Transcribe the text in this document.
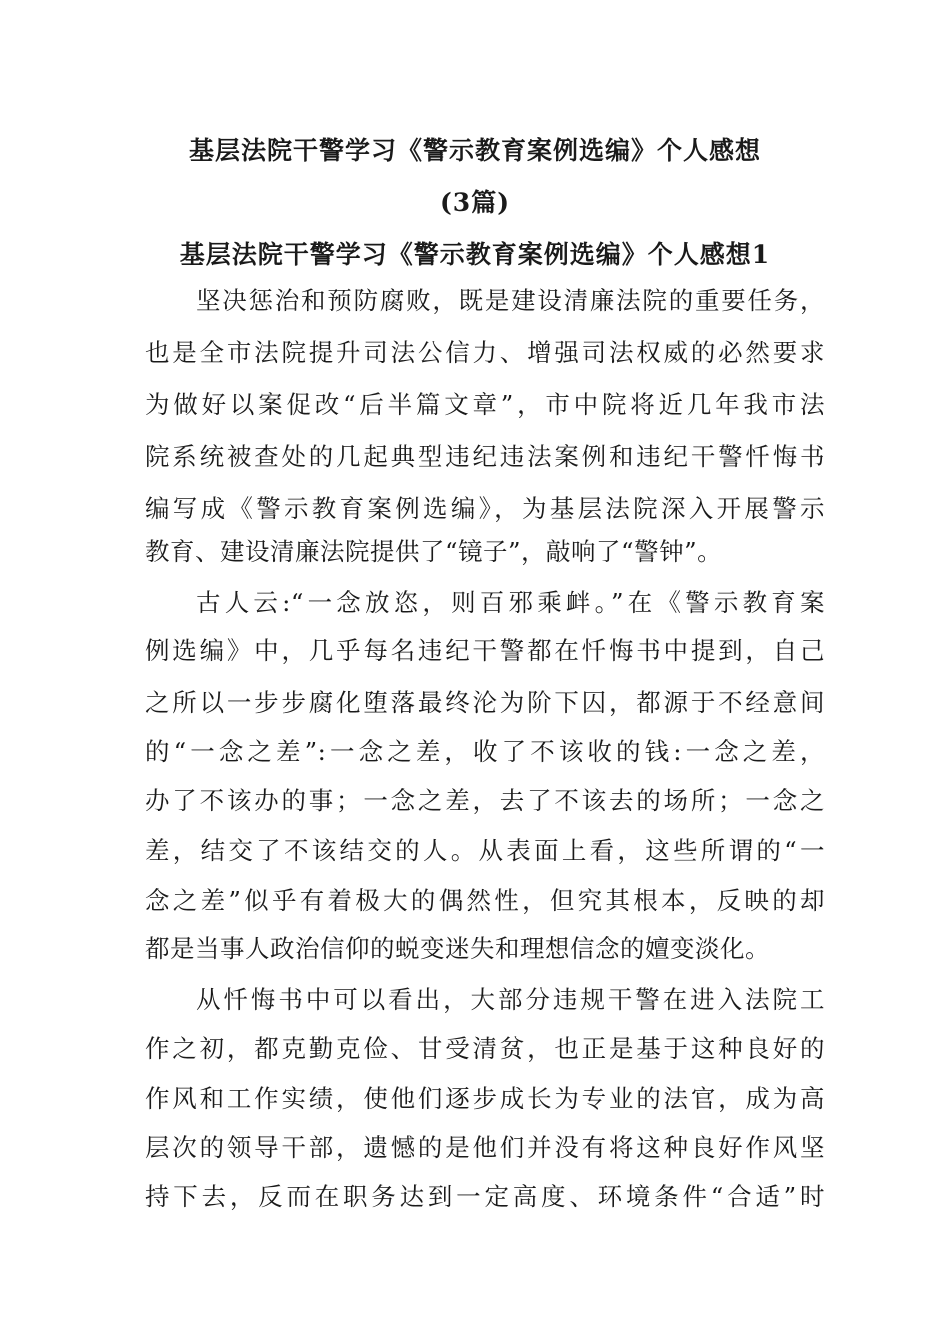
基层法院干警学习《警示教育案例选编》个人感想
(3篇)
基层法院干警学习《警示教育案例选编》个人感想1
坚决惩治和预防腐败，既是建设清廉法院的重要任务，
也是全市法院提升司法公信力、增强司法权威的必然要求
为做好以案促改“后半篇文章”，市中院将近几年我市法
院系统被查处的几起典型违纪违法案例和违纪干警忏悔书
编写成《警示教育案例选编》，为基层法院深入开展警示
教育、建设清廉法院提供了“镜子”，敲响了“警钟”。
古人云:“一念放恣，则百邪乘衅。”在《警示教育案
例选编》中，几乎每名违纪干警都在忏悔书中提到，自己
之所以一步步腐化堕落最终沦为阶下囚，都源于不经意间
的“一念之差”:一念之差，收了不该收的钱:一念之差，
办了不该办的事；一念之差，去了不该去的场所；一念之
差，结交了不该结交的人。从表面上看，这些所谓的“一
念之差”似乎有着极大的偶然性，但究其根本，反映的却
都是当事人政治信仰的蜕变迷失和理想信念的嬗变淡化。
从忏悔书中可以看出，大部分违规干警在进入法院工
作之初，都克勤克俭、甘受清贫，也正是基于这种良好的
作风和工作实绩，使他们逐步成长为专业的法官，成为高
层次的领导干部，遗憾的是他们并没有将这种良好作风坚
持下去，反而在职务达到一定高度、环境条件“合适”时
